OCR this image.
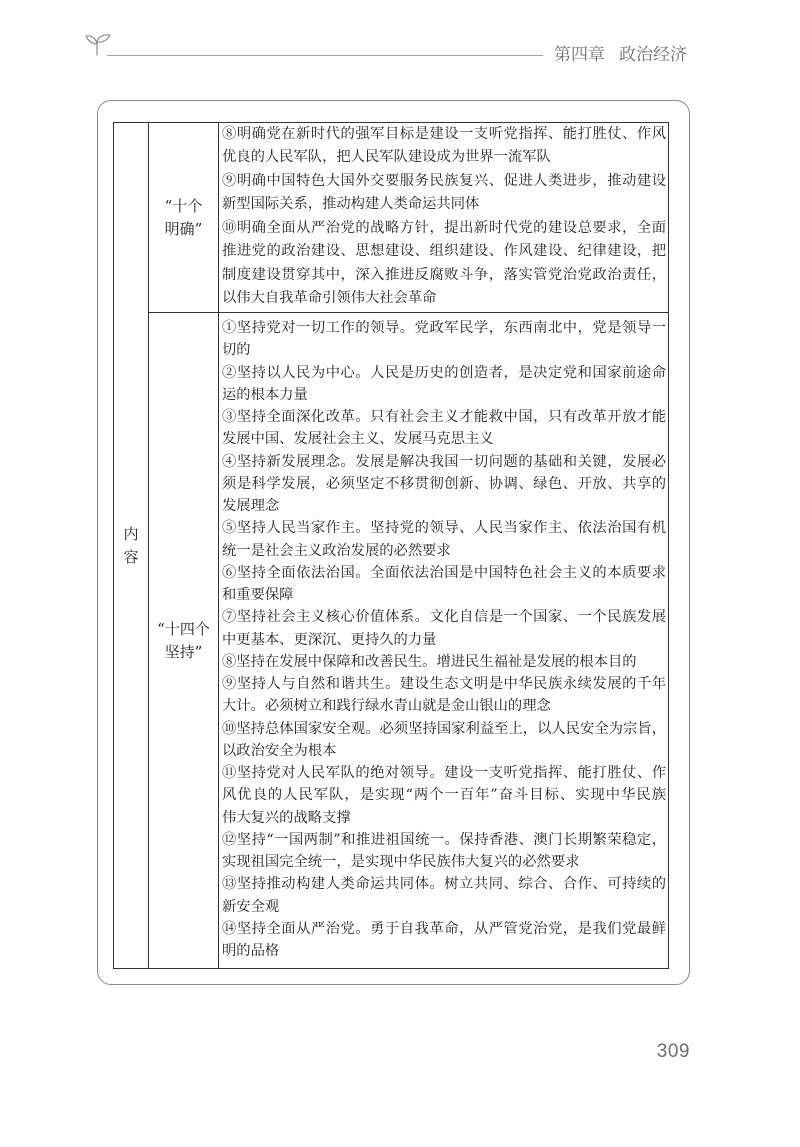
第四章 政治经济
内容
“十个
明确”
⑧明确党在新时代的强军目标是建设一支听党指挥、能打胜仗、作风
优良的人民军队，把人民军队建设成为世界一流军队
⑨明确中国特色大国外交要服务民族复兴、促进人类进步，推动建设
新型国际关系，推动构建人类命运共同体
⑩明确全面从严治党的战略方针，提出新时代党的建设总要求，全面
推进党的政治建设、思想建设、组织建设、作风建设、纪律建设，把
制度建设贯穿其中，深入推进反腐败斗争，落实管党治党政治责任，
以伟大自我革命引领伟大社会革命
“十四个
坚持”
①坚持党对一切工作的领导。党政军民学，东西南北中，党是领导一
切的
②坚持以人民为中心。人民是历史的创造者，是决定党和国家前途命
运的根本力量
③坚持全面深化改革。只有社会主义才能救中国，只有改革开放才能
发展中国、发展社会主义、发展马克思主义
④坚持新发展理念。发展是解决我国一切问题的基础和关键，发展必
须是科学发展，必须坚定不移贯彻创新、协调、绿色、开放、共享的
发展理念
⑤坚持人民当家作主。坚持党的领导、人民当家作主、依法治国有机
统一是社会主义政治发展的必然要求
⑥坚持全面依法治国。全面依法治国是中国特色社会主义的本质要求
和重要保障
⑦坚持社会主义核心价值体系。文化自信是一个国家、一个民族发展
中更基本、更深沉、更持久的力量
⑧坚持在发展中保障和改善民生。增进民生福祉是发展的根本目的
⑨坚持人与自然和谐共生。建设生态文明是中华民族永续发展的千年
大计。必须树立和践行绿水青山就是金山银山的理念
⑩坚持总体国家安全观。必须坚持国家利益至上，以人民安全为宗旨，
以政治安全为根本
⑪坚持党对人民军队的绝对领导。建设一支听党指挥、能打胜仗、作
风优良的人民军队，是实现“两个一百年”奋斗目标、实现中华民族
伟大复兴的战略支撑
⑫坚持“一国两制”和推进祖国统一。保持香港、澳门长期繁荣稳定，
实现祖国完全统一，是实现中华民族伟大复兴的必然要求
⑬坚持推动构建人类命运共同体。树立共同、综合、合作、可持续的
新安全观
⑭坚持全面从严治党。勇于自我革命，从严管党治党，是我们党最鲜
明的品格
309
